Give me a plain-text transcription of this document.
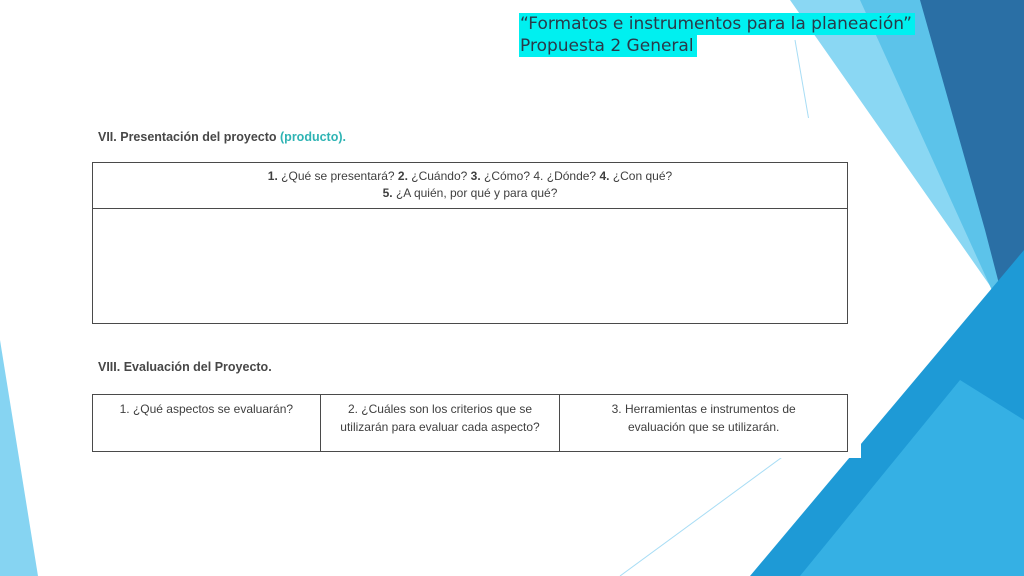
“Formatos e instrumentos para la planeación”
Propuesta 2 General
VII. Presentación del proyecto (producto).
1. ¿Qué se presentará? 2. ¿Cuándo? 3. ¿Cómo? 4. ¿Dónde? 4. ¿Con qué?
5. ¿A quién, por qué y para qué?
VIII. Evaluación del Proyecto.
1. ¿Qué aspectos se evaluarán?	2. ¿Cuáles son los criterios que se utilizarán para evaluar cada aspecto?
3. Herramientas e instrumentos de evaluación que se utilizarán.
